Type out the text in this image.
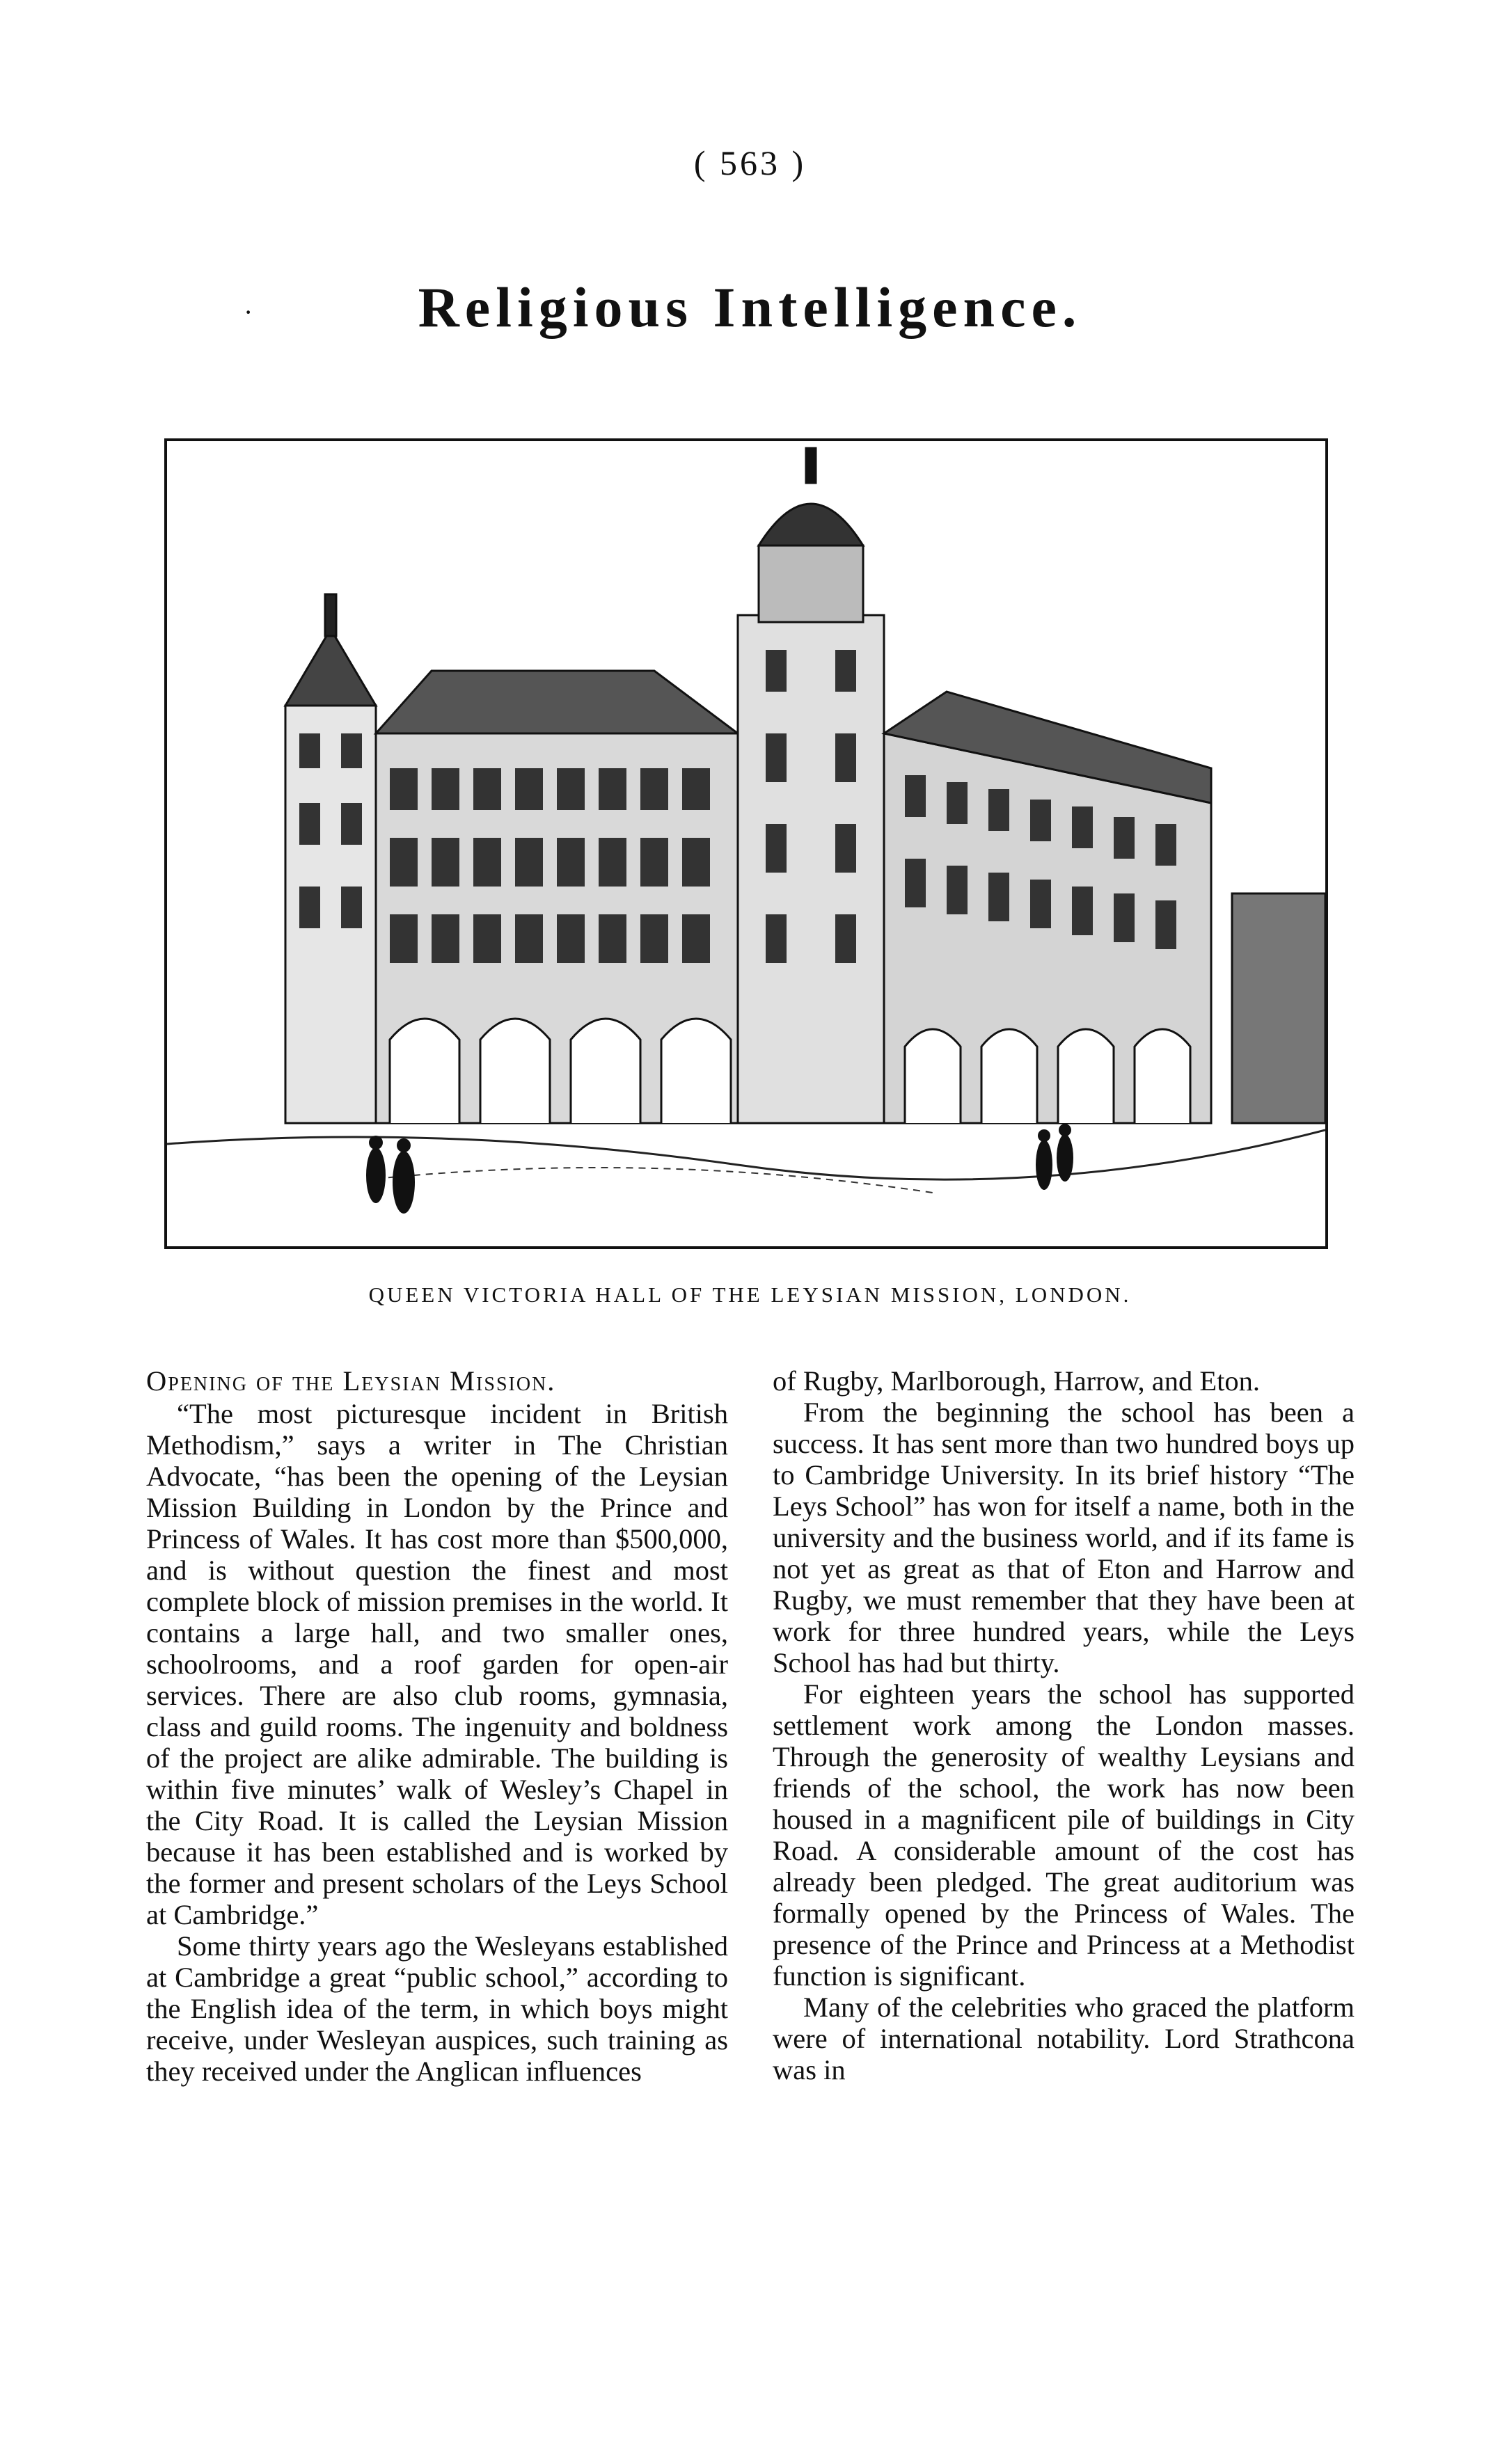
( 563 )
·	Religious Intelligence.
QUEEN VICTORIA HALL OF THE LEYSIAN MISSION, LONDON.
Opening of the Leysian Mission.

“The most picturesque incident in British Methodism,” says a writer in The Christian Advocate, “has been the opening of the Leysian Mission Building in London by the Prince and Princess of Wales. It has cost more than $500,000, and is without question the finest and most complete block of mission premises in the world. It contains a large hall, and two smaller ones, schoolrooms, and a roof garden for open-air services. There are also club rooms, gymnasia, class and guild rooms. The ingenuity and boldness of the project are alike admirable. The building is within five minutes’ walk of Wesley’s Chapel in the City Road. It is called the Leysian Mission because it has been established and is worked by the former and present scholars of the Leys School at Cambridge.”

Some thirty years ago the Wesleyans established at Cambridge a great “public school,” according to the English idea of the term, in which boys might receive, under Wesleyan auspices, such training as they received under the Anglican influences

of Rugby, Marlborough, Harrow, and Eton.

From the beginning the school has been a success. It has sent more than two hundred boys up to Cambridge University. In its brief history “The Leys School” has won for itself a name, both in the university and the business world, and if its fame is not yet as great as that of Eton and Harrow and Rugby, we must remember that they have been at work for three hundred years, while the Leys School has had but thirty.

For eighteen years the school has supported settlement work among the London masses. Through the generosity of wealthy Leysians and friends of the school, the work has now been housed in a magnificent pile of buildings in City Road. A considerable amount of the cost has already been pledged. The great auditorium was formally opened by the Princess of Wales. The presence of the Prince and Princess at a Methodist function is significant.

Many of the celebrities who graced the platform were of international notability. Lord Strathcona was in
